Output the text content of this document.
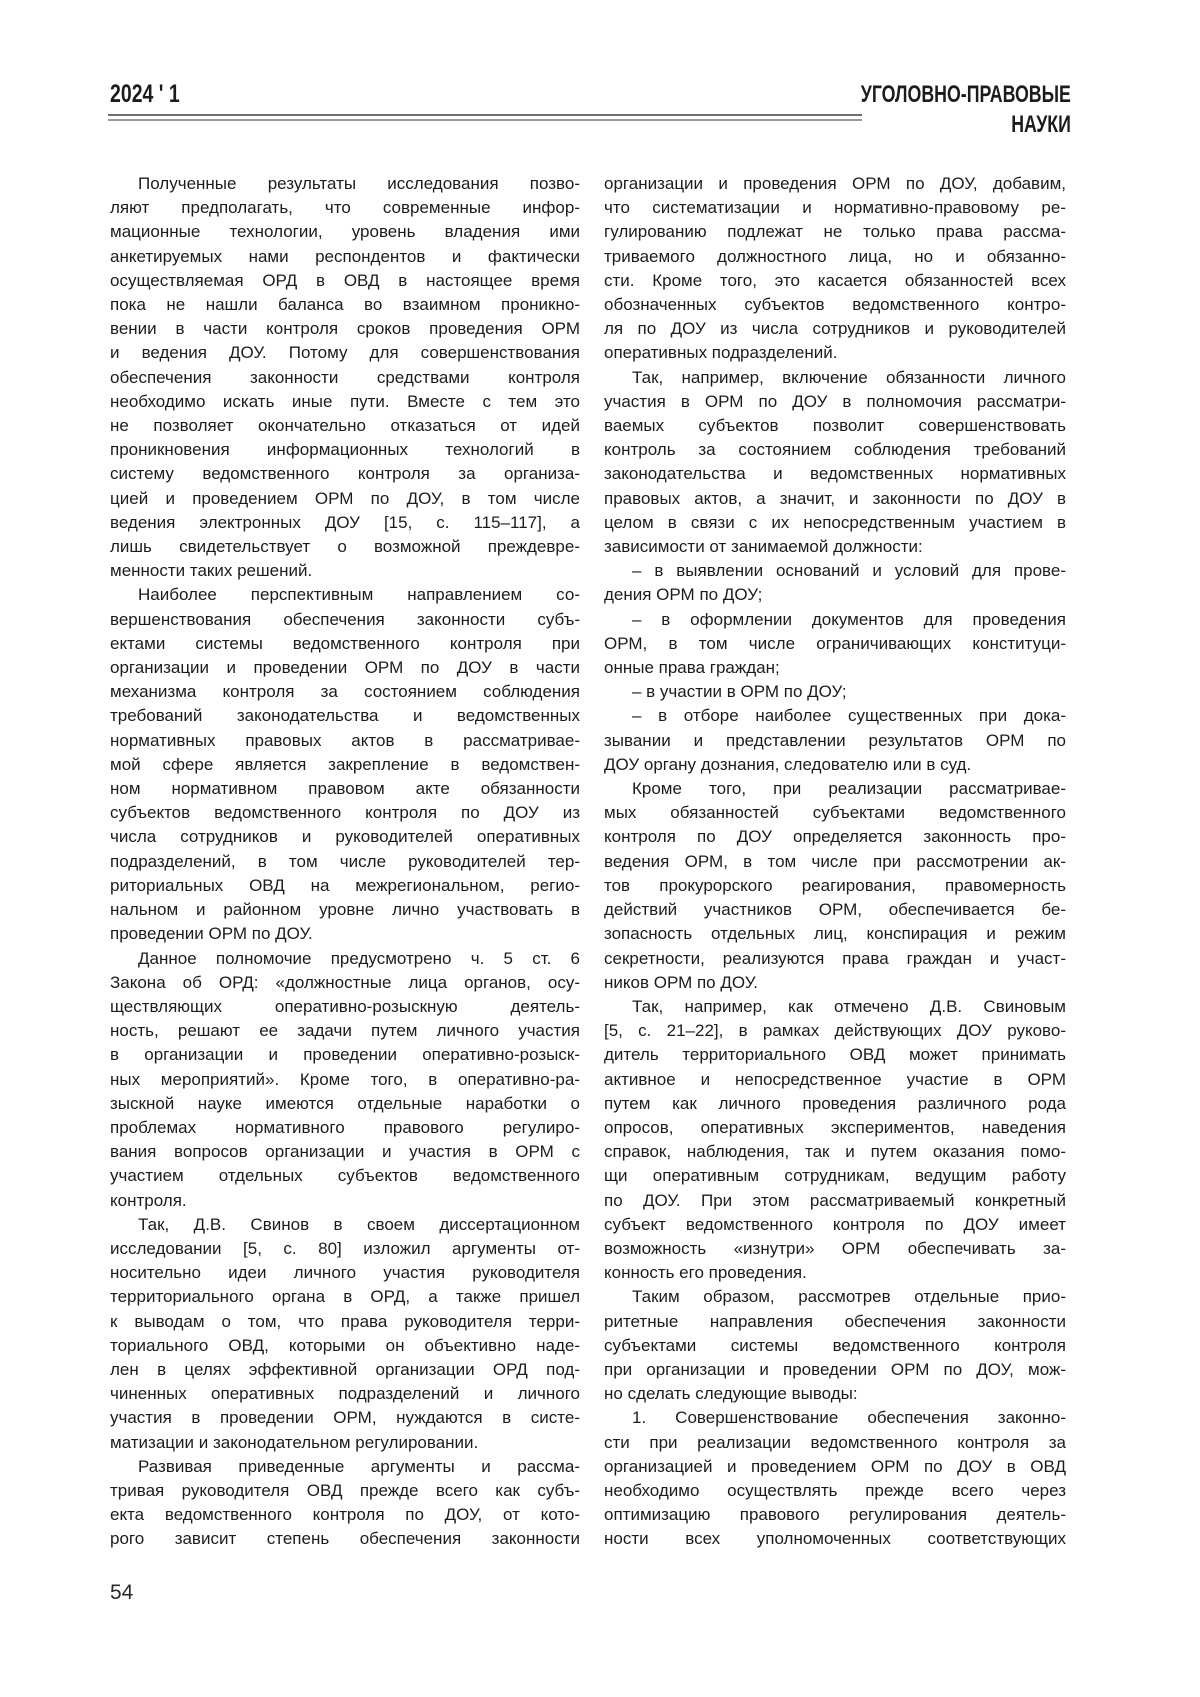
2024 ' 1	УГОЛОВНО-ПРАВОВЫЕ
НАУКИ
Полученные результаты исследования позво-
ляют предполагать, что современные инфор-
мационные технологии, уровень владения ими
анкетируемых нами респондентов и фактически
осуществляемая ОРД в ОВД в настоящее время
пока не нашли баланса во взаимном проникно-
вении в части контроля сроков проведения ОРМ
и ведения ДОУ. Потому для совершенствования
обеспечения законности средствами контроля
необходимо искать иные пути. Вместе с тем это
не позволяет окончательно отказаться от идей
проникновения информационных технологий в
систему ведомственного контроля за организа-
цией и проведением ОРМ по ДОУ, в том числе
ведения электронных ДОУ [15, с. 115–117], а
лишь свидетельствует о возможной преждевре-
менности таких решений.
Наиболее перспективным направлением со-
вершенствования обеспечения законности субъ-
ектами системы ведомственного контроля при
организации и проведении ОРМ по ДОУ в части
механизма контроля за состоянием соблюдения
требований законодательства и ведомственных
нормативных правовых актов в рассматривае-
мой сфере является закрепление в ведомствен-
ном нормативном правовом акте обязанности
субъектов ведомственного контроля по ДОУ из
числа сотрудников и руководителей оперативных
подразделений, в том числе руководителей тер-
риториальных ОВД на межрегиональном, регио-
нальном и районном уровне лично участвовать в
проведении ОРМ по ДОУ.
Данное полномочие предусмотрено ч. 5 ст. 6
Закона об ОРД: «должностные лица органов, осу-
ществляющих оперативно-розыскную деятель-
ность, решают ее задачи путем личного участия
в организации и проведении оперативно-розыск-
ных мероприятий». Кроме того, в оперативно-ра-
зыскной науке имеются отдельные наработки о
проблемах нормативного правового регулиро-
вания вопросов организации и участия в ОРМ с
участием отдельных субъектов ведомственного
контроля.
Так, Д.В. Свинов в своем диссертационном
исследовании [5, с. 80] изложил аргументы от-
носительно идеи личного участия руководителя
территориального органа в ОРД, а также пришел
к выводам о том, что права руководителя терри-
ториального ОВД, которыми он объективно наде-
лен в целях эффективной организации ОРД под-
чиненных оперативных подразделений и личного
участия в проведении ОРМ, нуждаются в систе-
матизации и законодательном регулировании.
Развивая приведенные аргументы и рассма-
тривая руководителя ОВД прежде всего как субъ-
екта ведомственного контроля по ДОУ, от кото-
рого зависит степень обеспечения законности
организации и проведения ОРМ по ДОУ, добавим,
что систематизации и нормативно-правовому ре-
гулированию подлежат не только права рассма-
триваемого должностного лица, но и обязанно-
сти. Кроме того, это касается обязанностей всех
обозначенных субъектов ведомственного контро-
ля по ДОУ из числа сотрудников и руководителей
оперативных подразделений.
Так, например, включение обязанности личного
участия в ОРМ по ДОУ в полномочия рассматри-
ваемых субъектов позволит совершенствовать
контроль за состоянием соблюдения требований
законодательства и ведомственных нормативных
правовых актов, а значит, и законности по ДОУ в
целом в связи с их непосредственным участием в
зависимости от занимаемой должности:
– в выявлении оснований и условий для прове-
дения ОРМ по ДОУ;
– в оформлении документов для проведения
ОРМ, в том числе ограничивающих конституци-
онные права граждан;
– в участии в ОРМ по ДОУ;
– в отборе наиболее существенных при дока-
зывании и представлении результатов ОРМ по
ДОУ органу дознания, следователю или в суд.
Кроме того, при реализации рассматривае-
мых обязанностей субъектами ведомственного
контроля по ДОУ определяется законность про-
ведения ОРМ, в том числе при рассмотрении ак-
тов прокурорского реагирования, правомерность
действий участников ОРМ, обеспечивается бе-
зопасность отдельных лиц, конспирация и режим
секретности, реализуются права граждан и участ-
ников ОРМ по ДОУ.
Так, например, как отмечено Д.В. Свиновым
[5, с. 21–22], в рамках действующих ДОУ руково-
дитель территориального ОВД может принимать
активное и непосредственное участие в ОРМ
путем как личного проведения различного рода
опросов, оперативных экспериментов, наведения
справок, наблюдения, так и путем оказания помо-
щи оперативным сотрудникам, ведущим работу
по ДОУ. При этом рассматриваемый конкретный
субъект ведомственного контроля по ДОУ имеет
возможность «изнутри» ОРМ обеспечивать за-
конность его проведения.
Таким образом, рассмотрев отдельные прио-
ритетные направления обеспечения законности
субъектами системы ведомственного контроля
при организации и проведении ОРМ по ДОУ, мож-
но сделать следующие выводы:
1. Совершенствование обеспечения законно-
сти при реализации ведомственного контроля за
организацией и проведением ОРМ по ДОУ в ОВД
необходимо осуществлять прежде всего через
оптимизацию правового регулирования деятель-
ности всех уполномоченных соответствующих
54
